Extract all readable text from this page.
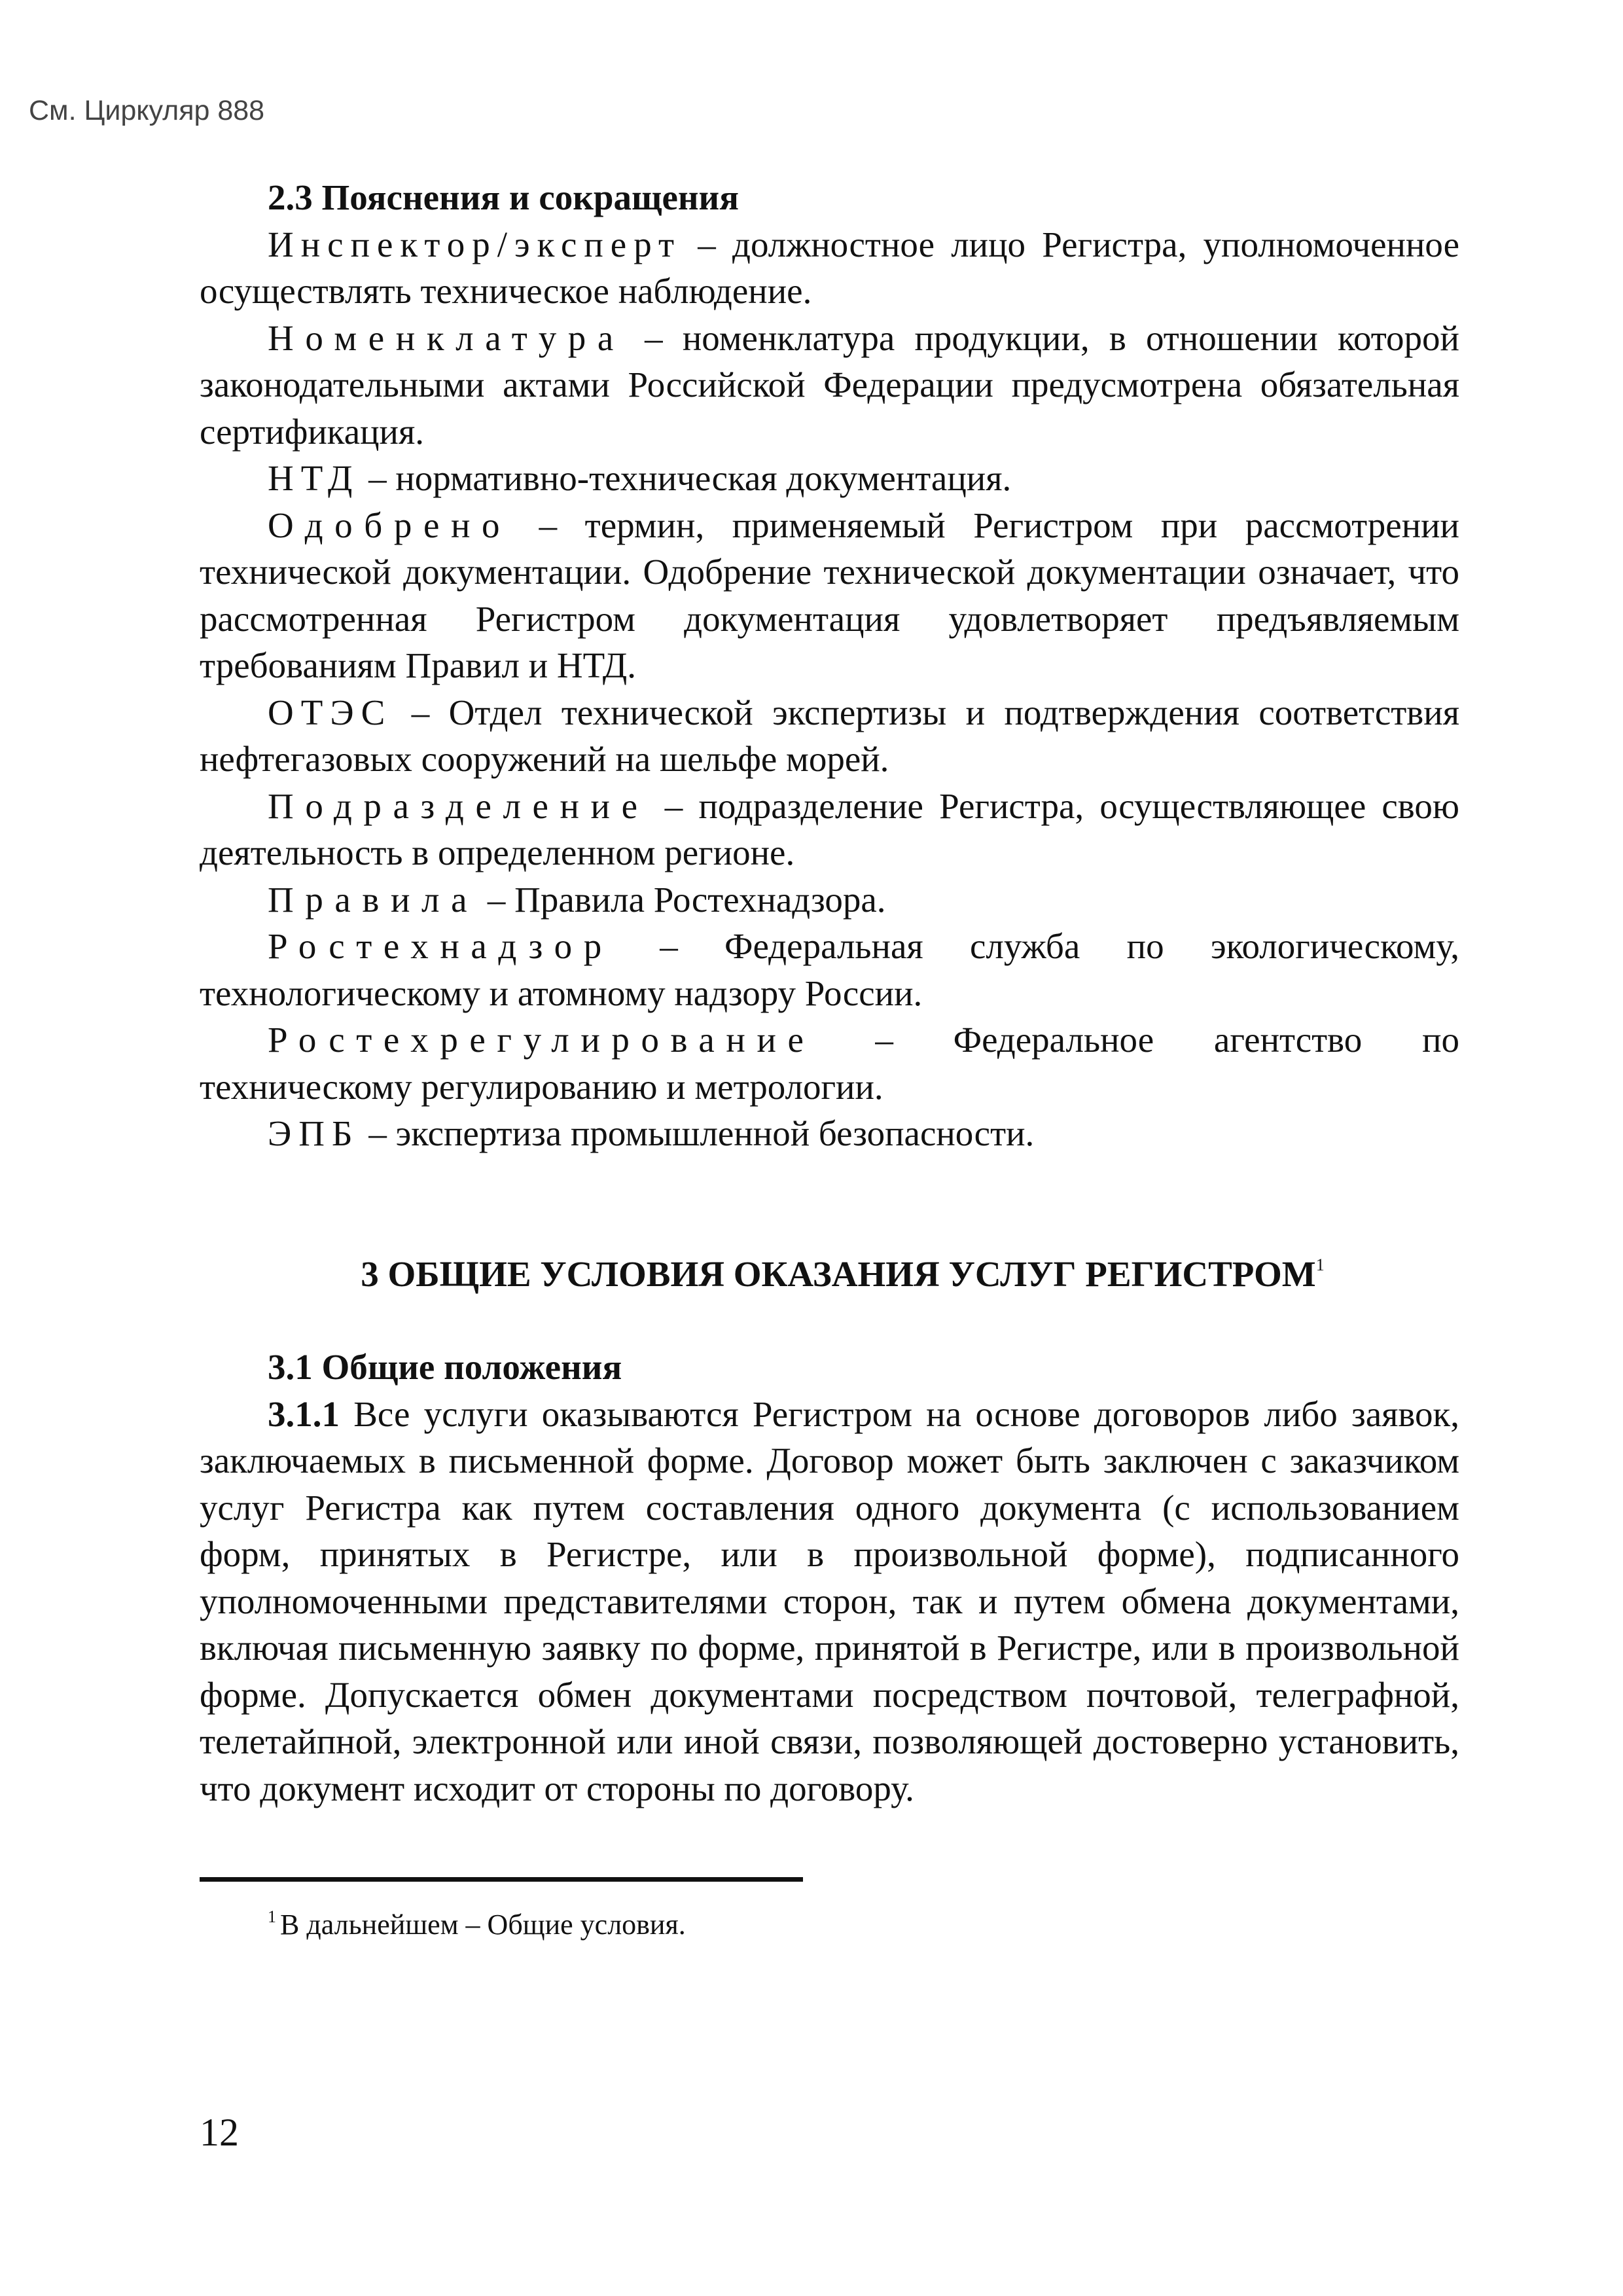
См. Циркуляр 888

2.3 Пояснения и сокращения

Инспектор/эксперт – должностное лицо Регистра, уполномоченное осуществлять техническое наблюдение.

Номенклатура – номенклатура продукции, в отношении которой законодательными актами Российской Федерации предусмотрена обязательная сертификация.

НТД – нормативно-техническая документация.

Одобрено – термин, применяемый Регистром при рассмотрении технической документации. Одобрение технической документации означает, что рассмотренная Регистром документация удовлетворяет предъявляемым требованиям Правил и НТД.

ОТЭС – Отдел технической экспертизы и подтверждения соответствия нефтегазовых сооружений на шельфе морей.

Подразделение – подразделение Регистра, осуществляющее свою деятельность в определенном регионе.

Правила – Правила Ростехнадзора.

Ростехнадзор – Федеральная служба по экологическому, технологическому и атомному надзору России.

Ростехрегулирование – Федеральное агентство по техническому регулированию и метрологии.

ЭПБ – экспертиза промышленной безопасности.

3 ОБЩИЕ УСЛОВИЯ ОКАЗАНИЯ УСЛУГ РЕГИСТРОМ$^1$

3.1 Общие положения

3.1.1 Все услуги оказываются Регистром на основе договоров либо заявок, заключаемых в письменной форме. Договор может быть заключен с заказчиком услуг Регистра как путем составления одного документа (с использованием форм, принятых в Регистре, или в произвольной форме), подписанного уполномоченными представителями сторон, так и путем обмена документами, включая письменную заявку по форме, принятой в Регистре, или в произвольной форме. Допускается обмен документами посредством почтовой, телеграфной, телетайпной, электронной или иной связи, позволяющей достоверно установить, что документ исходит от стороны по договору.

$^1$ В дальнейшем – Общие условия.
12
